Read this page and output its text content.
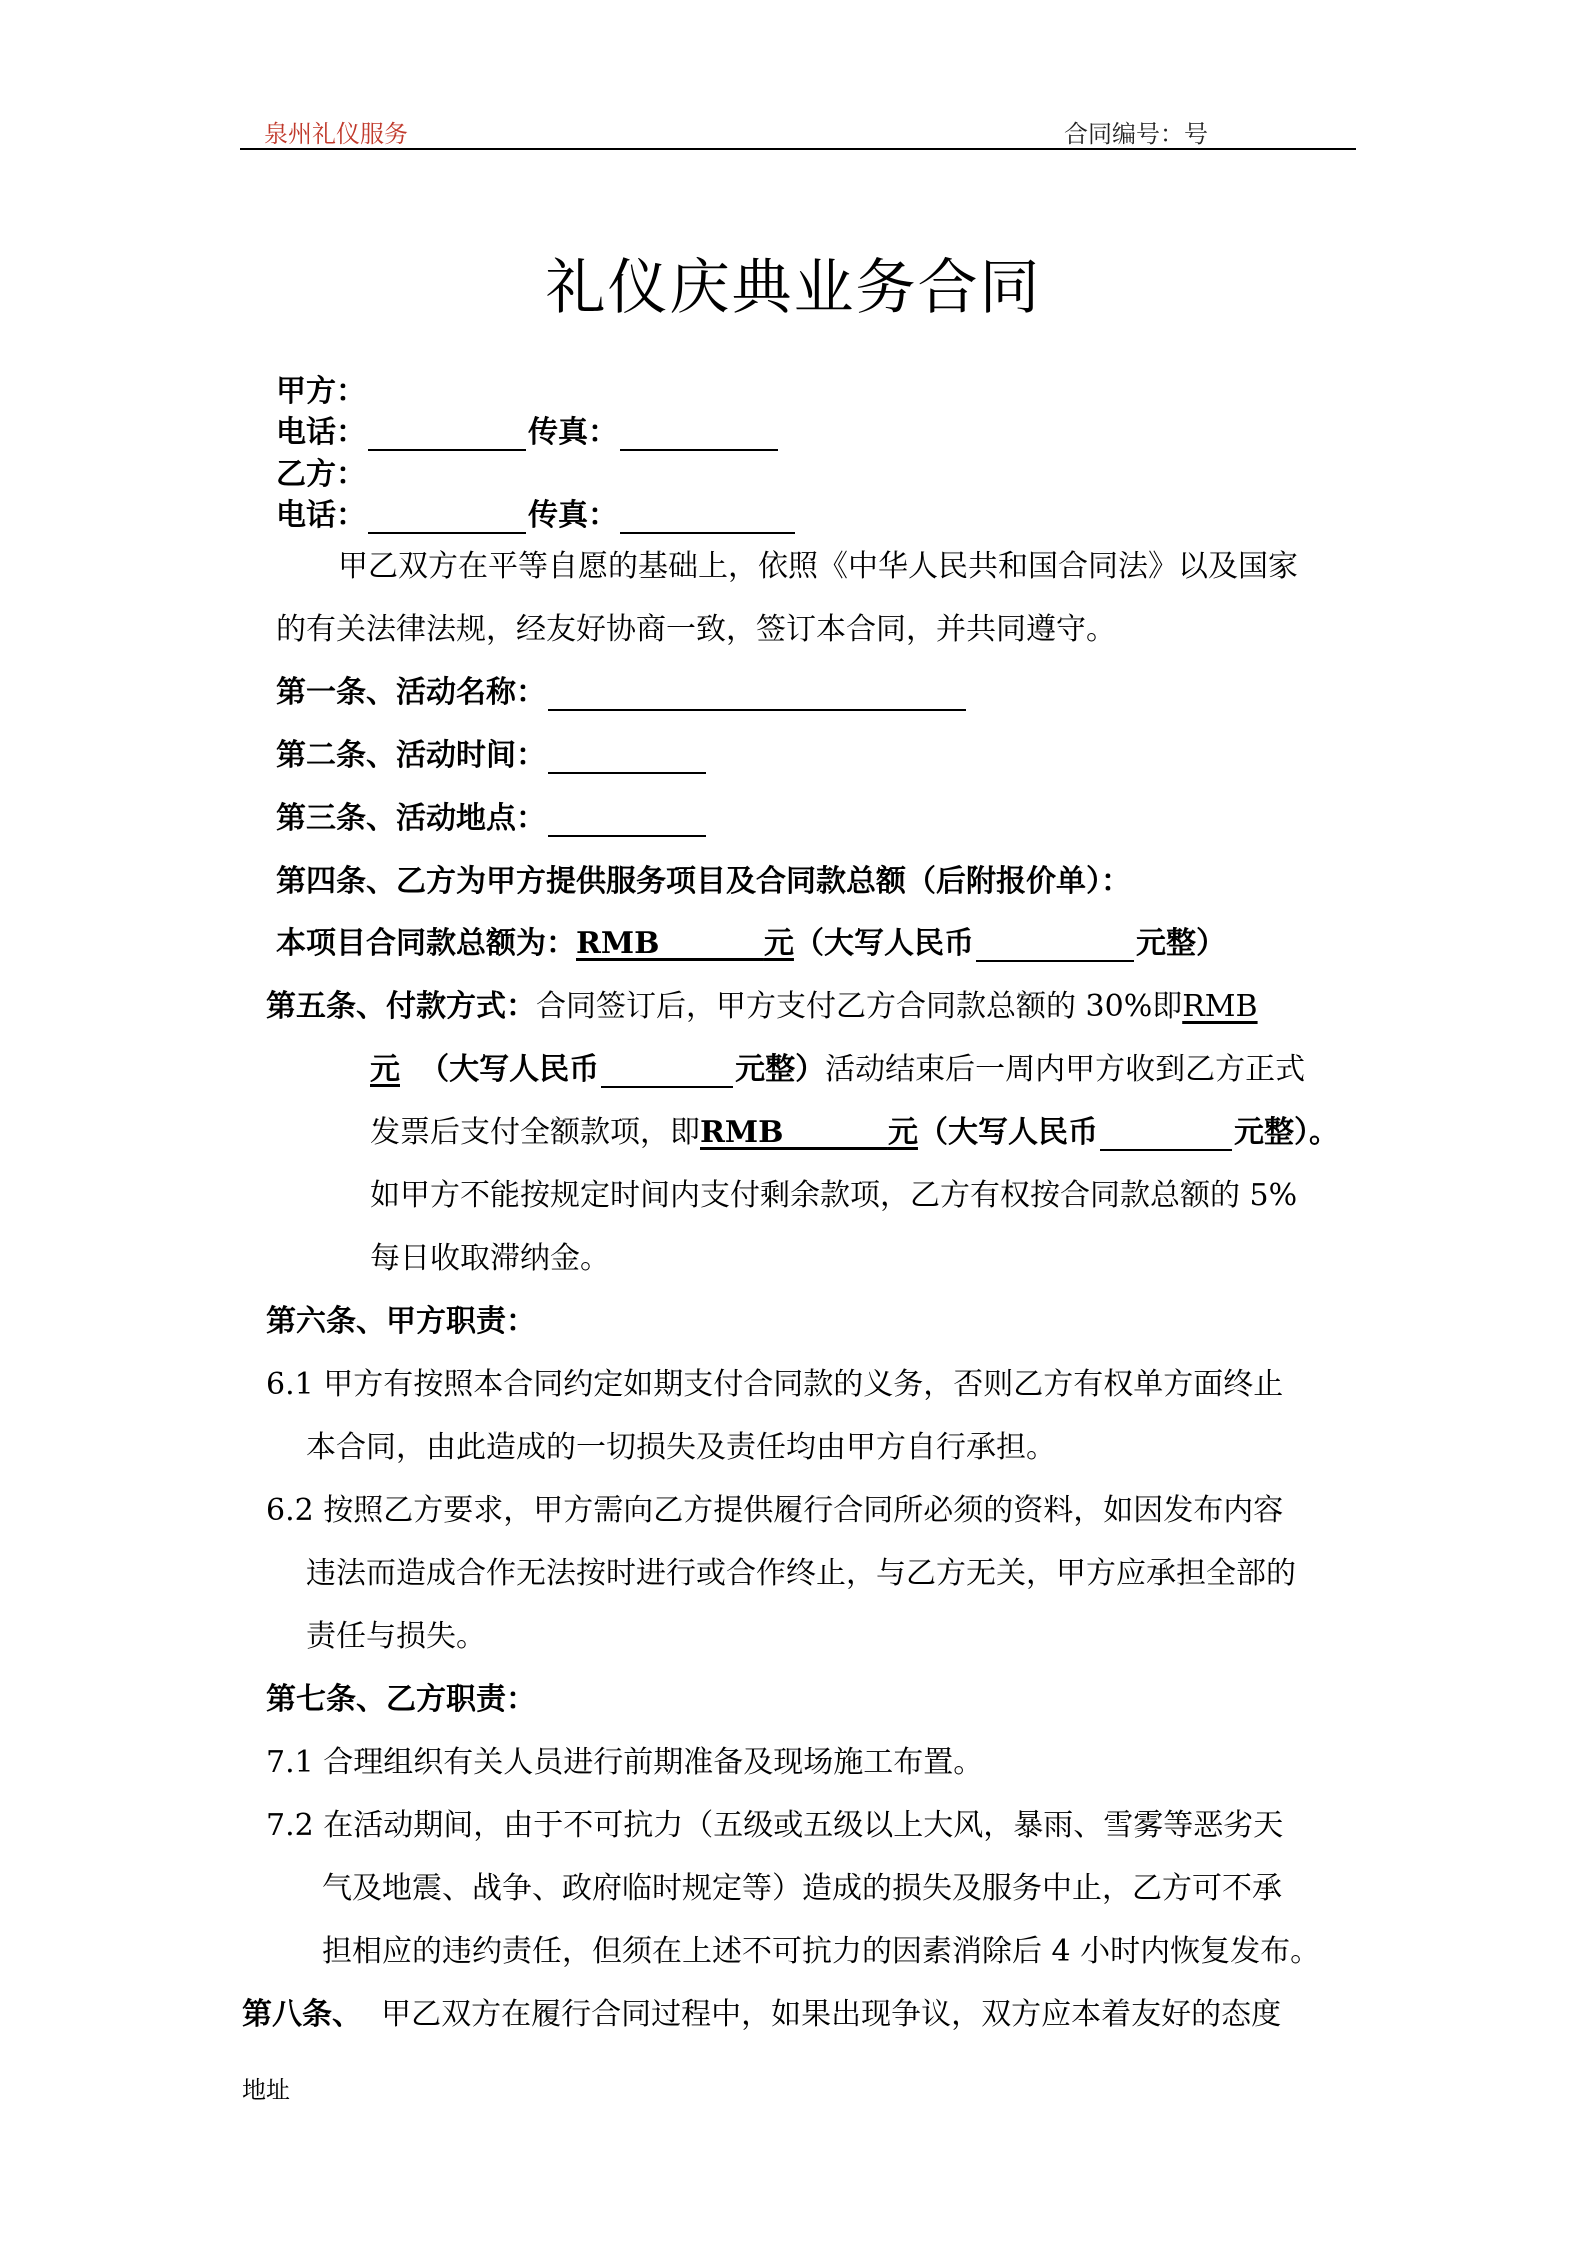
泉州礼仪服务	合同编号：号
礼仪庆典业务合同
甲方：
电话：	传真：
乙方：
电话：	传真：
甲乙双方在平等自愿的基础上，依照《中华人民共和国合同法》以及国家
的有关法律法规，经友好协商一致，签订本合同，并共同遵守。
第一条、活动名称：
第二条、活动时间：
第三条、活动地点：
第四条、乙方为甲方提供服务项目及合同款总额（后附报价单）：
本项目合同款总额为：RMB	元（大写人民币	元整）
第五条、付款方式：合同签订后，甲方支付乙方合同款总额的 30%即RMB
元 （大写人民币	元整）活动结束后一周内甲方收到乙方正式
发票后支付全额款项，即RMB	元（大写人民币	元整）。
如甲方不能按规定时间内支付剩余款项，乙方有权按合同款总额的 5%
每日收取滞纳金。
第六条、甲方职责：
6.1 甲方有按照本合同约定如期支付合同款的义务，否则乙方有权单方面终止
本合同，由此造成的一切损失及责任均由甲方自行承担。
6.2 按照乙方要求，甲方需向乙方提供履行合同所必须的资料，如因发布内容
违法而造成合作无法按时进行或合作终止，与乙方无关，甲方应承担全部的
责任与损失。
第七条、乙方职责：
7.1 合理组织有关人员进行前期准备及现场施工布置。
7.2 在活动期间，由于不可抗力（五级或五级以上大风，暴雨、雪雾等恶劣天
气及地震、战争、政府临时规定等）造成的损失及服务中止，乙方可不承
担相应的违约责任，但须在上述不可抗力的因素消除后 4 小时内恢复发布。
第八条、 甲乙双方在履行合同过程中，如果出现争议，双方应本着友好的态度
地址
